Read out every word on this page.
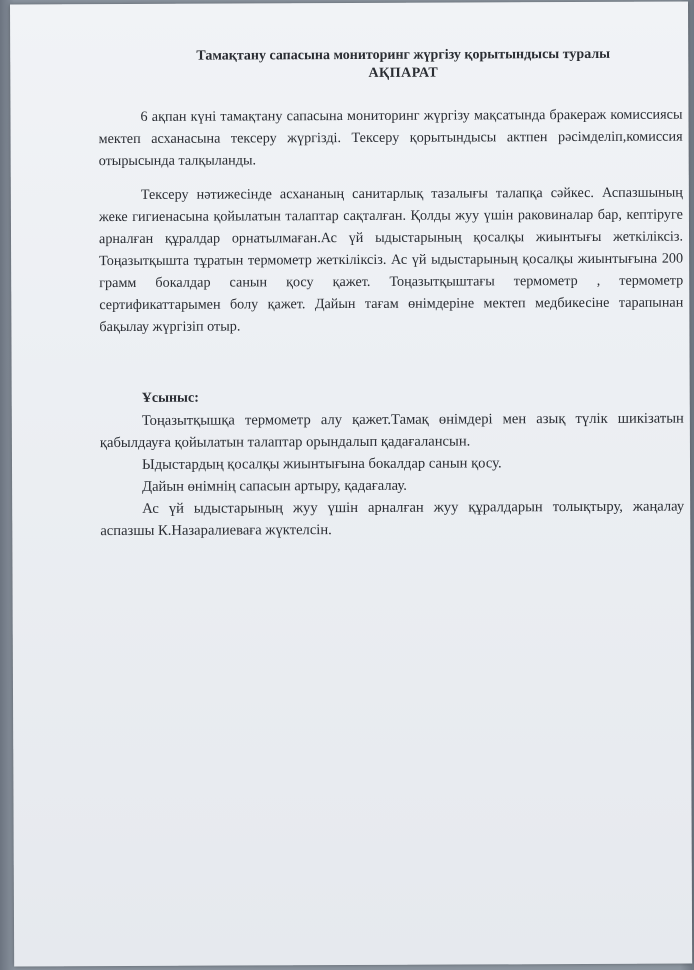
Тамақтану сапасына мониторинг жүргізу қорытындысы туралы

АҚПАРАТ

6 ақпан күні тамақтану сапасына мониторинг жүргізу мақсатында бракераж комиссиясы мектеп асханасына тексеру жүргізді. Тексеру қорытындысы актпен рәсімделіп,комиссия отырысында талқыланды.

Тексеру нәтижесінде асхананың санитарлық тазалығы талапқа сәйкес. Аспазшының жеке гигиенасына қойылатын талаптар сақталған. Қолды жуу үшін раковиналар бар, кептіруге арналған құралдар орнатылмаған.Ас үй ыдыстарының қосалқы жиынтығы жеткіліксіз. Тоңазытқышта тұратын термометр жеткіліксіз. Ас үй ыдыстарының қосалқы жиынтығына 200 грамм бокалдар санын қосу қажет. Тоңазытқыштағы термометр , термометр сертификаттарымен болу қажет. Дайын тағам өнімдеріне мектеп медбикесіне тарапынан бақылау жүргізіп отыр.

Ұсыныс:

Тоңазытқышқа термометр алу қажет.Тамақ өнімдері мен азық түлік шикізатын қабылдауға қойылатын талаптар орындалып қадағалансын.

Ыдыстардың қосалқы жиынтығына бокалдар санын қосу.

Дайын өнімнің сапасын артыру, қадағалау.

Ас үй ыдыстарының жуу үшін арналған жуу құралдарын толықтыру, жаңалау аспазшы К.Назаралиеваға жүктелсін.
